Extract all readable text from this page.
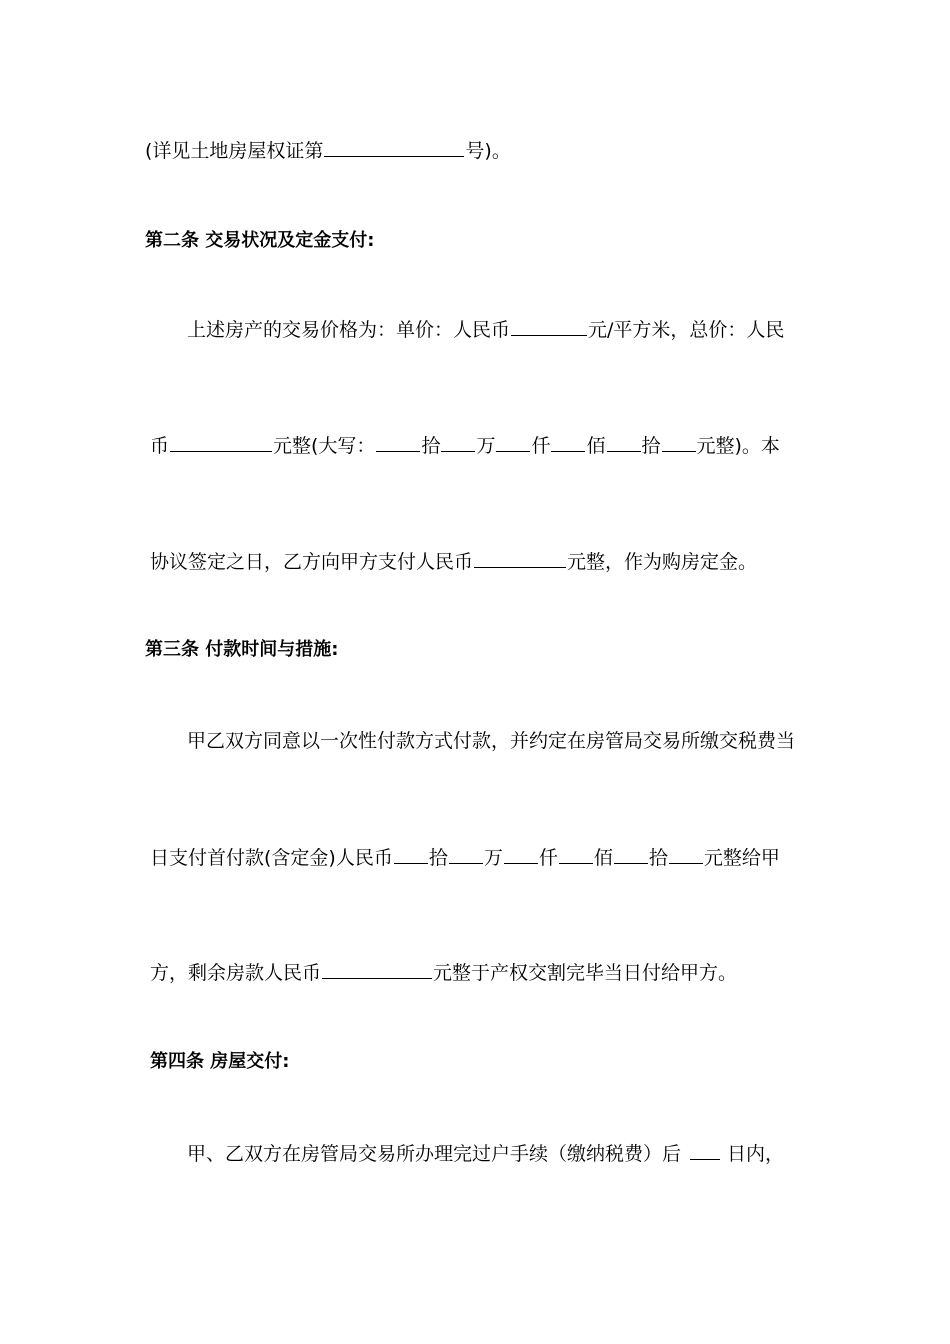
(详见土地房屋权证第	号)。
第二条 交易状况及定金支付:
上述房产的交易价格为：单价：人民币	元/平方米，总价：人民
币	元整(大写： 拾 万 仟 佰 拾 元整)。本
协议签定之日，乙方向甲方支付人民币	元整，作为购房定金。
第三条 付款时间与措施:
甲乙双方同意以一次性付款方式付款，并约定在房管局交易所缴交税费当
日支付首付款(含定金)人民币 拾 万 仟 佰 拾 元整给甲
方，剩余房款人民币	元整于产权交割完毕当日付给甲方。
第四条 房屋交付:
甲、乙双方在房管局交易所办理完过户手续（缴纳税费）后 日内，
